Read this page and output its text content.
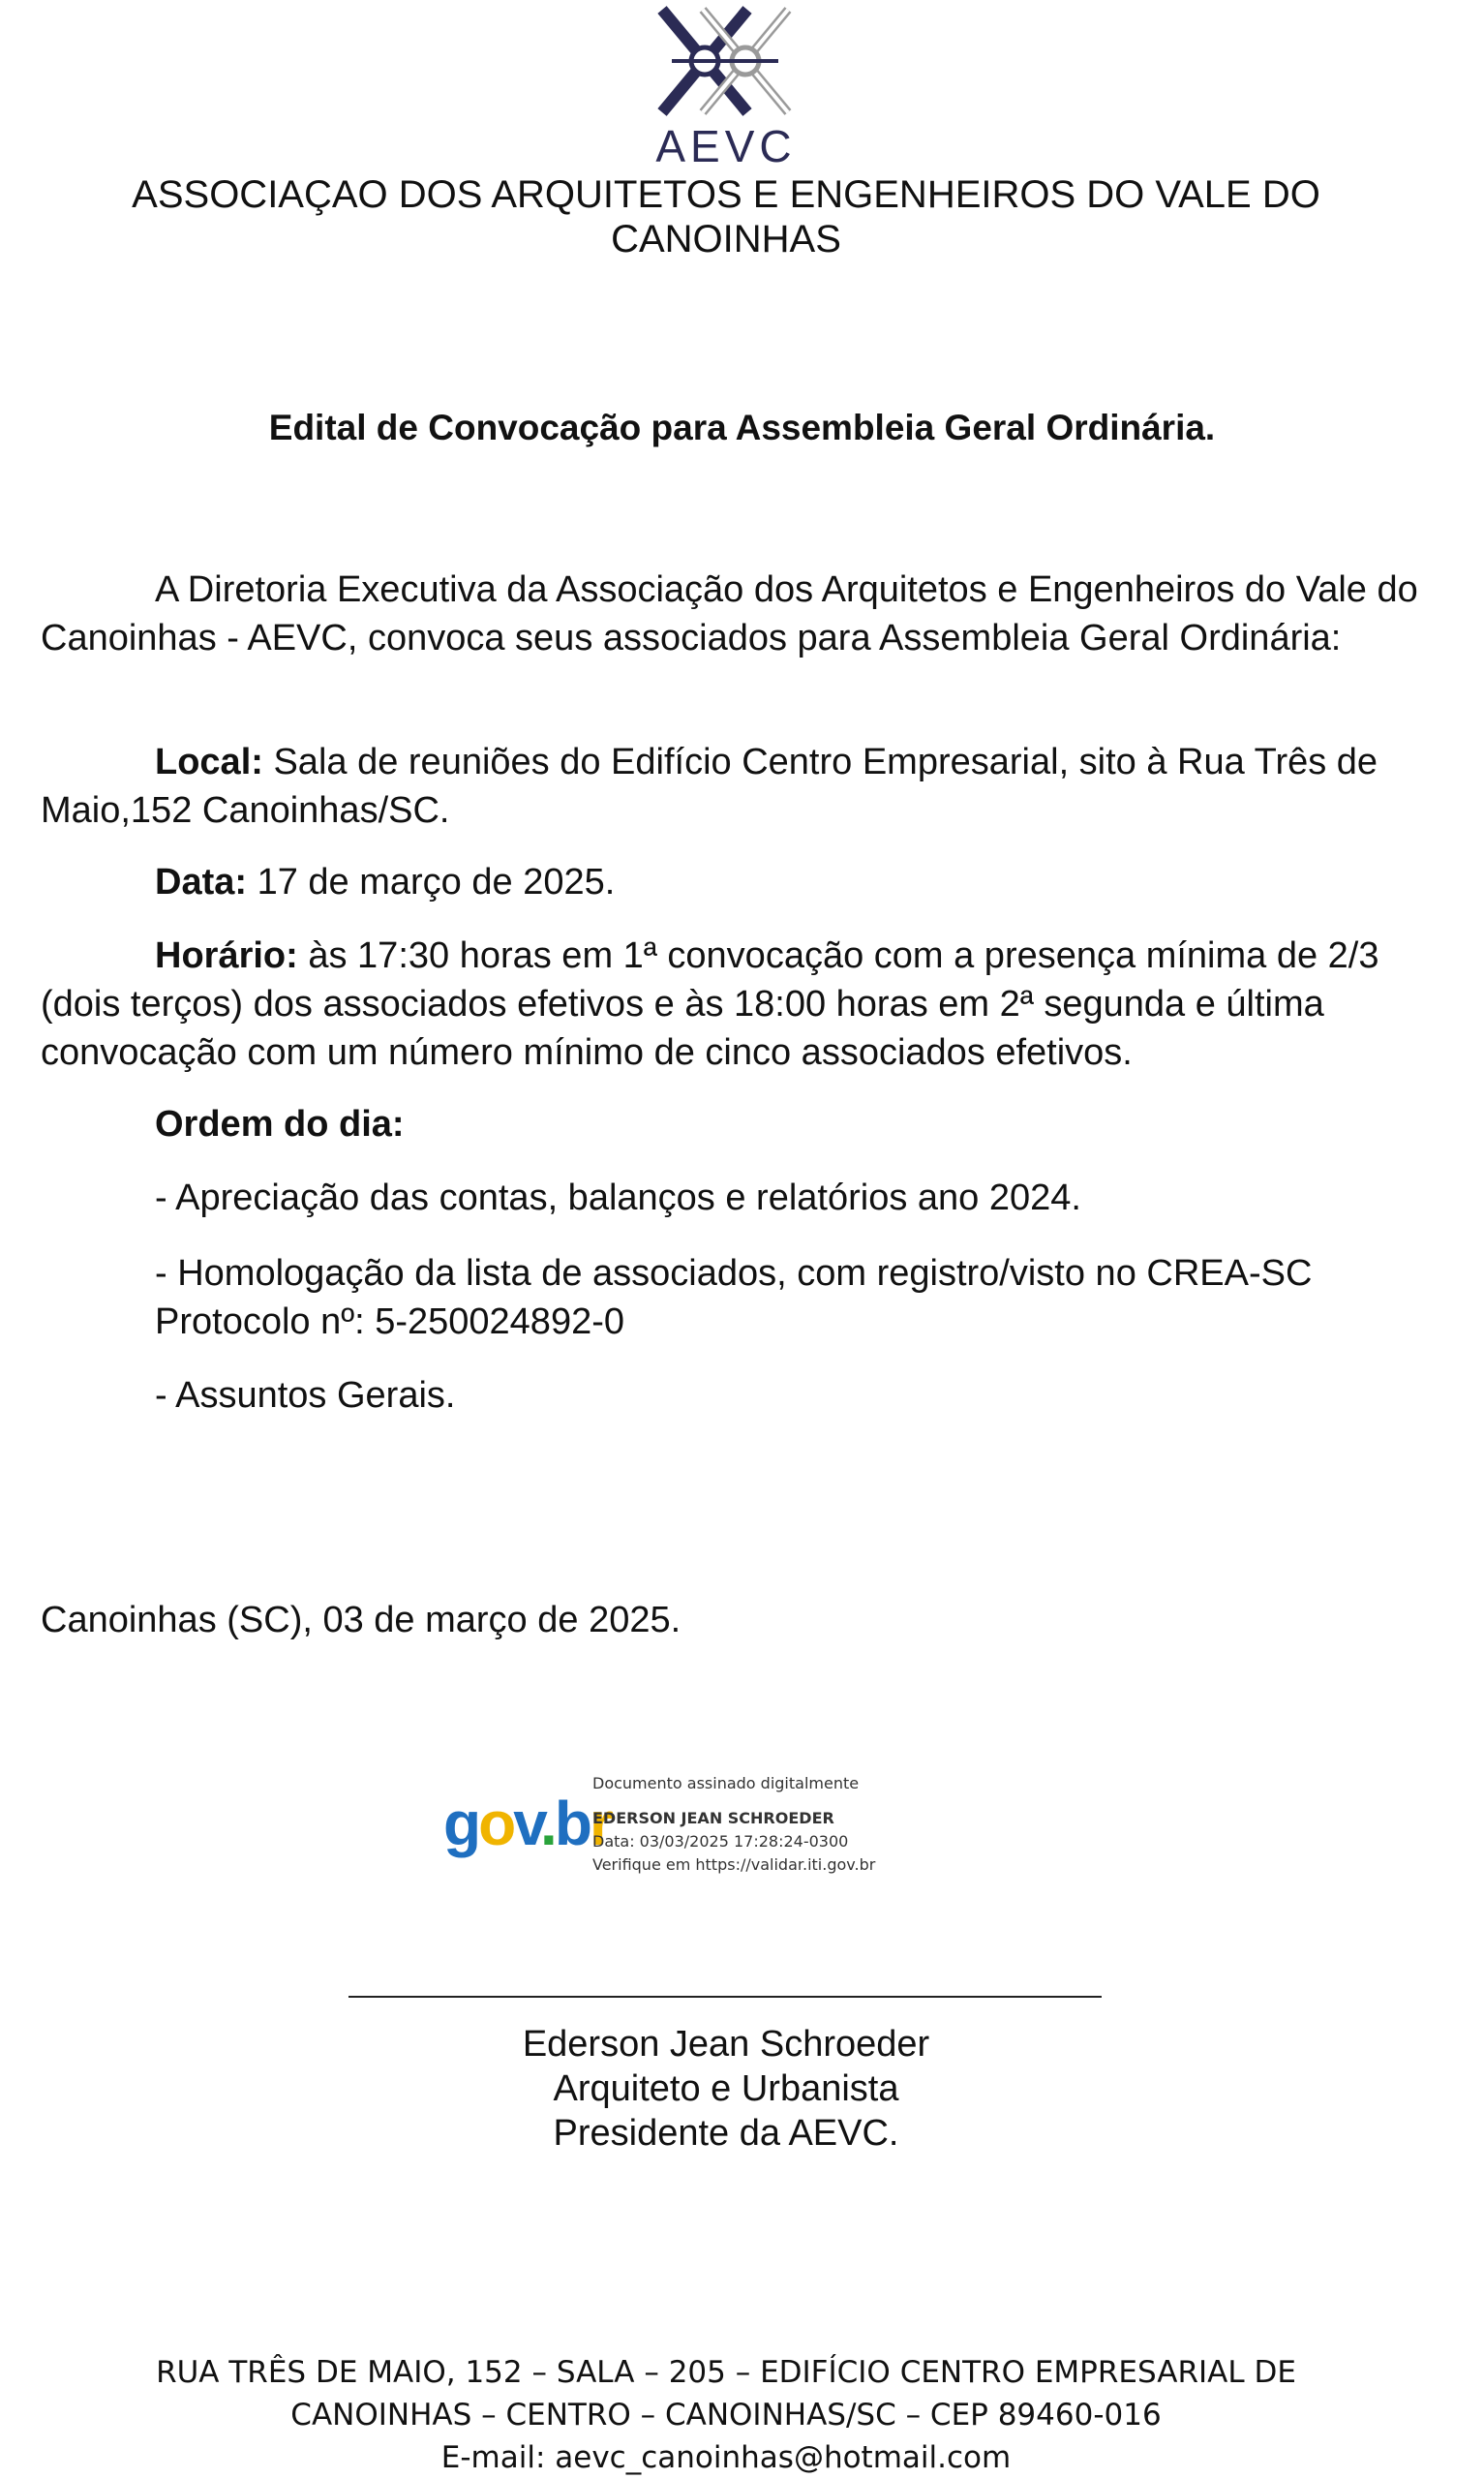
AEVC
ASSOCIAÇAO DOS ARQUITETOS E ENGENHEIROS DO VALE DO CANOINHAS
Edital de Convocação para Assembleia Geral Ordinária.
A Diretoria Executiva da Associação dos Arquitetos e Engenheiros do Vale do Canoinhas - AEVC, convoca seus associados para Assembleia Geral Ordinária:
Local: Sala de reuniões do Edifício Centro Empresarial, sito à Rua Três de Maio,152 Canoinhas/SC.
Data: 17 de março de 2025.
Horário: às 17:30 horas em 1ª convocação com a presença mínima de 2/3 (dois terços) dos associados efetivos e às 18:00 horas em 2ª segunda e última convocação com um número mínimo de cinco associados efetivos.
Ordem do dia:
- Apreciação das contas, balanços e relatórios ano 2024.
- Homologação da lista de associados, com registro/visto no CREA-SC Protocolo nº: 5-250024892-0
- Assuntos Gerais.
Canoinhas (SC), 03 de março de 2025.
gov.br
Documento assinado digitalmente
EDERSON JEAN SCHROEDER
Data: 03/03/2025 17:28:24-0300
Verifique em https://validar.iti.gov.br
Ederson Jean Schroeder
Arquiteto e Urbanista
Presidente da AEVC.
RUA TRÊS DE MAIO, 152 – SALA – 205 – EDIFÍCIO CENTRO EMPRESARIAL DE
CANOINHAS – CENTRO – CANOINHAS/SC – CEP 89460-016
E-mail: aevc_canoinhas@hotmail.com
